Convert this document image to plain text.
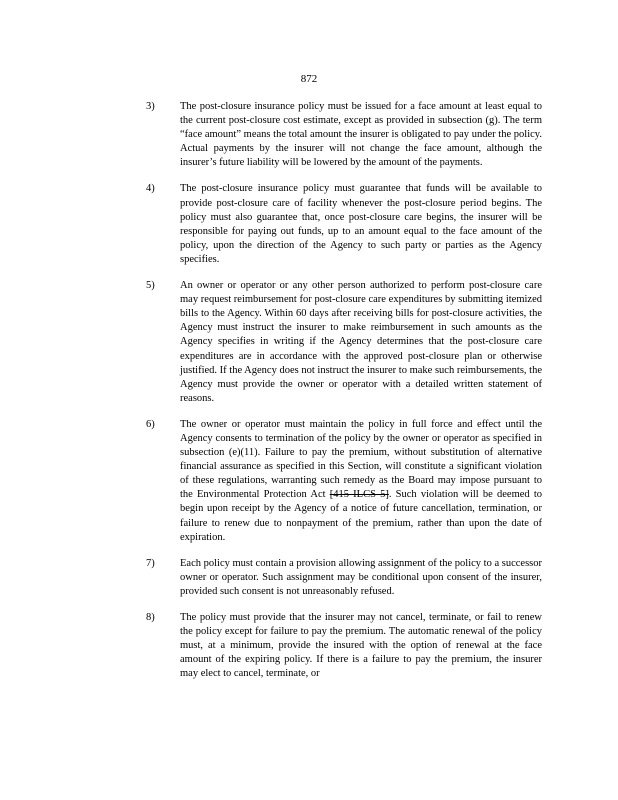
872
3)	The post-closure insurance policy must be issued for a face amount at least equal to the current post-closure cost estimate, except as provided in subsection (g). The term “face amount” means the total amount the insurer is obligated to pay under the policy. Actual payments by the insurer will not change the face amount, although the insurer’s future liability will be lowered by the amount of the payments.
4)	The post-closure insurance policy must guarantee that funds will be available to provide post-closure care of facility whenever the post-closure period begins. The policy must also guarantee that, once post-closure care begins, the insurer will be responsible for paying out funds, up to an amount equal to the face amount of the policy, upon the direction of the Agency to such party or parties as the Agency specifies.
5)	An owner or operator or any other person authorized to perform post-closure care may request reimbursement for post-closure care expenditures by submitting itemized bills to the Agency. Within 60 days after receiving bills for post-closure activities, the Agency must instruct the insurer to make reimbursement in such amounts as the Agency specifies in writing if the Agency determines that the post-closure care expenditures are in accordance with the approved post-closure plan or otherwise justified. If the Agency does not instruct the insurer to make such reimbursements, the Agency must provide the owner or operator with a detailed written statement of reasons.
6)	The owner or operator must maintain the policy in full force and effect until the Agency consents to termination of the policy by the owner or operator as specified in subsection (e)(11). Failure to pay the premium, without substitution of alternative financial assurance as specified in this Section, will constitute a significant violation of these regulations, warranting such remedy as the Board may impose pursuant to the Environmental Protection Act [415 ILCS 5]. Such violation will be deemed to begin upon receipt by the Agency of a notice of future cancellation, termination, or failure to renew due to nonpayment of the premium, rather than upon the date of expiration.
7)	Each policy must contain a provision allowing assignment of the policy to a successor owner or operator. Such assignment may be conditional upon consent of the insurer, provided such consent is not unreasonably refused.
8)	The policy must provide that the insurer may not cancel, terminate, or fail to renew the policy except for failure to pay the premium. The automatic renewal of the policy must, at a minimum, provide the insured with the option of renewal at the face amount of the expiring policy. If there is a failure to pay the premium, the insurer may elect to cancel, terminate, or
